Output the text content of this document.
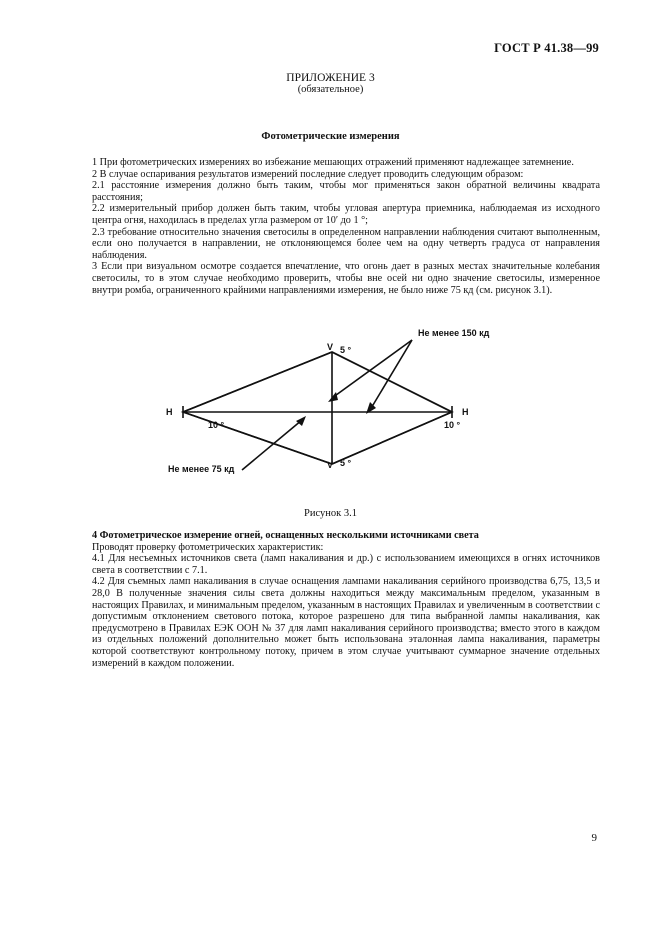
ГОСТ Р 41.38—99
ПРИЛОЖЕНИЕ 3
(обязательное)
Фотометрические измерения

1 При фотометрических измерениях во избежание мешающих отражений применяют надлежащее затемнение.

2 В случае оспаривания результатов измерений последние следует проводить следующим образом:

2.1 расстояние измерения должно быть таким, чтобы мог применяться закон обратной величины квадрата расстояния;

2.2 измерительный прибор должен быть таким, чтобы угловая апертура приемника, наблюдаемая из исходного центра огня, находилась в пределах угла размером от 10′ до 1 °;

2.3 требование относительно значения светосилы в определенном направлении наблюдения считают выполненным, если оно получается в направлении, не отклоняющемся более чем на одну четверть градуса от направления наблюдения.

3 Если при визуальном осмотре создается впечатление, что огонь дает в разных местах значительные колебания светосилы, то в этом случае необходимо проверить, чтобы вне осей ни одно значение светосилы, измеренное внутри ромба, ограниченного крайними направлениями измерения, не было ниже 75 кд (см. рисунок 3.1).

Не менее 150 кд
Не менее 75 кд
V 5 °
V 5 °
H	H
10 °	10 °
Рисунок 3.1

4 Фотометрическое измерение огней, оснащенных несколькими источниками света

Проводят проверку фотометрических характеристик:

4.1 Для несъемных источников света (ламп накаливания и др.) с использованием имеющихся в огнях источников света в соответствии с 7.1.

4.2 Для съемных ламп накаливания в случае оснащения лампами накаливания серийного производства 6,75, 13,5 и 28,0 В полученные значения силы света должны находиться между максимальным пределом, указанным в настоящих Правилах, и минимальным пределом, указанным в настоящих Правилах и увеличенным в соответствии с допустимым отклонением светового потока, которое разрешено для типа выбранной лампы накаливания, как предусмотрено в Правилах ЕЭК ООН № 37 для ламп накаливания серийного производства; вместо этого в каждом из отдельных положений дополнительно может быть использована эталонная лампа накаливания, параметры которой соответствуют контрольному потоку, причем в этом случае учитывают суммарное значение отдельных измерений в каждом положении.

9
